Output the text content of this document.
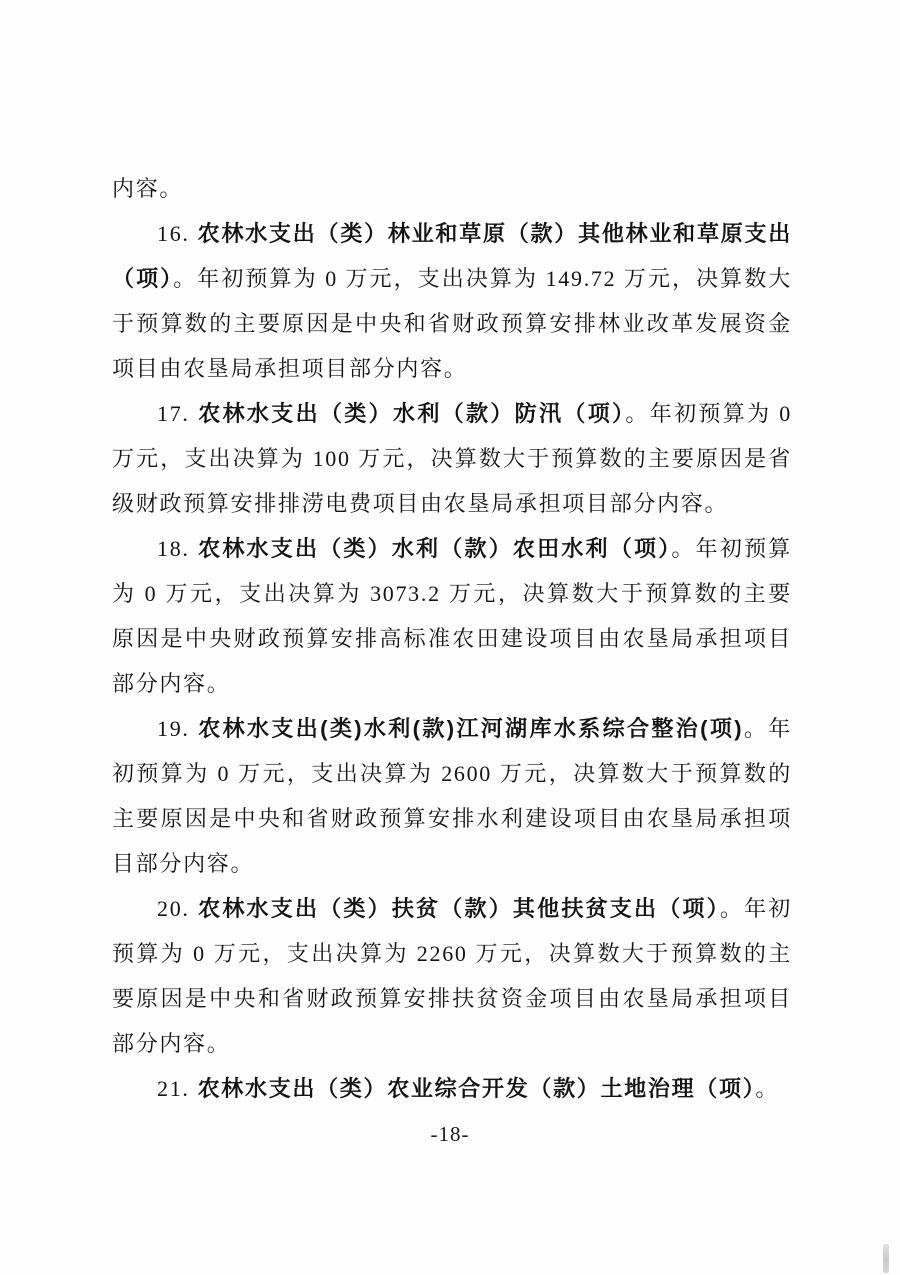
内容。

16. 农林水支出（类）林业和草原（款）其他林业和草原支出（项）。年初预算为 0 万元，支出决算为 149.72 万元，决算数大于预算数的主要原因是中央和省财政预算安排林业改革发展资金项目由农垦局承担项目部分内容。

17. 农林水支出（类）水利（款）防汛（项）。年初预算为 0 万元，支出决算为 100 万元，决算数大于预算数的主要原因是省级财政预算安排排涝电费项目由农垦局承担项目部分内容。

18. 农林水支出（类）水利（款）农田水利（项）。年初预算为 0 万元，支出决算为 3073.2 万元，决算数大于预算数的主要原因是中央财政预算安排高标准农田建设项目由农垦局承担项目部分内容。

19. 农林水支出(类)水利(款)江河湖库水系综合整治(项)。年初预算为 0 万元，支出决算为 2600 万元，决算数大于预算数的主要原因是中央和省财政预算安排水利建设项目由农垦局承担项目部分内容。

20. 农林水支出（类）扶贫（款）其他扶贫支出（项）。年初预算为 0 万元，支出决算为 2260 万元，决算数大于预算数的主要原因是中央和省财政预算安排扶贫资金项目由农垦局承担项目部分内容。

21. 农林水支出（类）农业综合开发（款）土地治理（项）。

-18-
